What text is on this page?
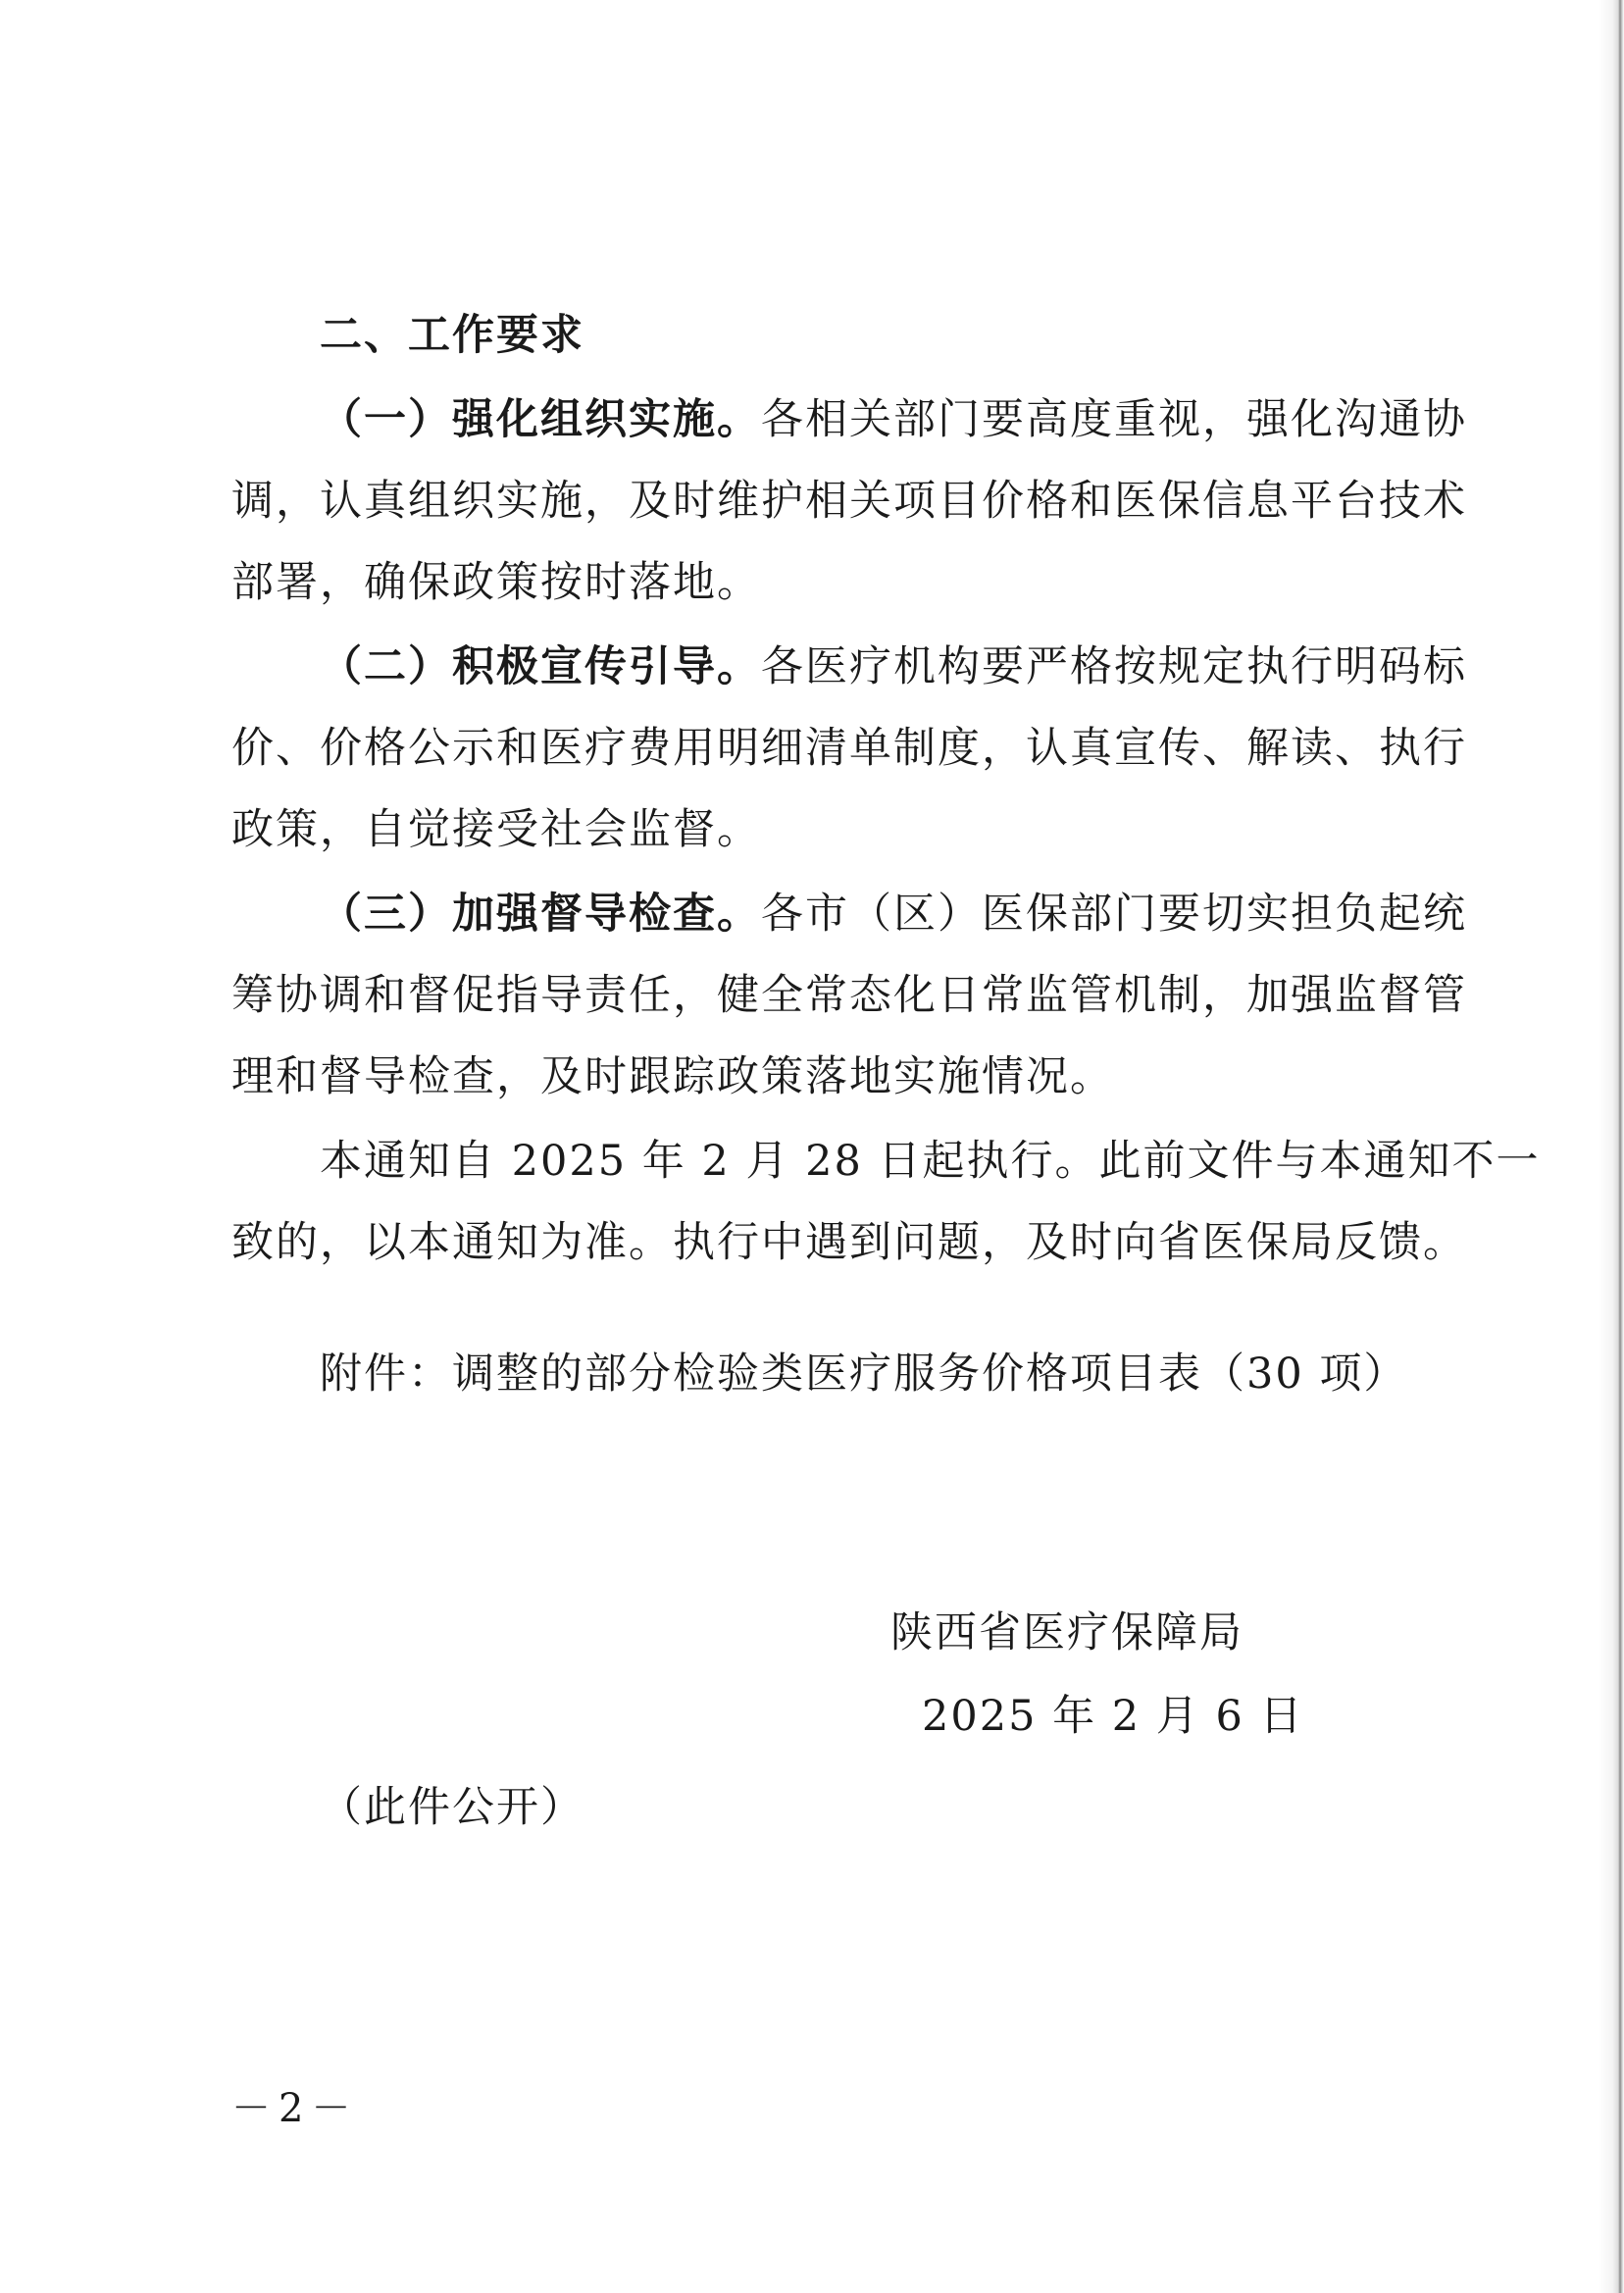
二、工作要求
（一）强化组织实施。各相关部门要高度重视，强化沟通协
调，认真组织实施，及时维护相关项目价格和医保信息平台技术
部署，确保政策按时落地。
（二）积极宣传引导。各医疗机构要严格按规定执行明码标
价、价格公示和医疗费用明细清单制度，认真宣传、解读、执行
政策，自觉接受社会监督。
（三）加强督导检查。各市（区）医保部门要切实担负起统
筹协调和督促指导责任，健全常态化日常监管机制，加强监督管
理和督导检查，及时跟踪政策落地实施情况。
本通知自 2025 年 2 月 28 日起执行。此前文件与本通知不一
致的，以本通知为准。执行中遇到问题，及时向省医保局反馈。
附件：调整的部分检验类医疗服务价格项目表（30 项）
陕西省医疗保障局
2025 年 2 月 6 日
（此件公开）
－2－
